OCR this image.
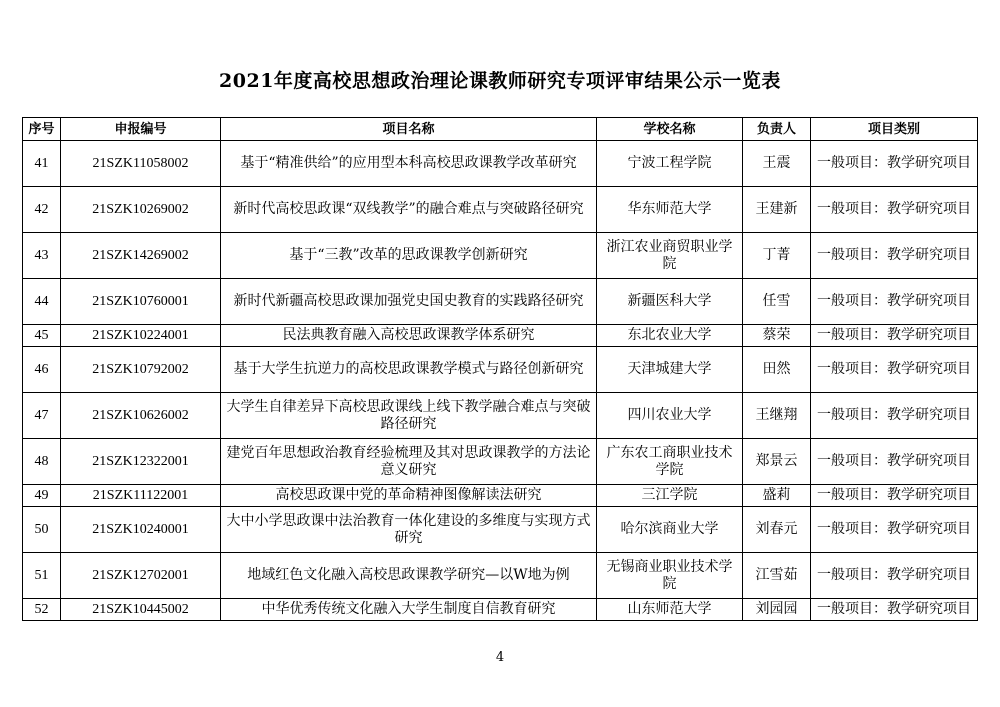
2021年度高校思想政治理论课教师研究专项评审结果公示一览表
序号	申报编号	项目名称	学校名称	负责人	项目类别
41	21SZK11058002	基于“精准供给”的应用型本科高校思政课教学改革研究	宁波工程学院	王震	一般项目：教学研究项目
42	21SZK10269002	新时代高校思政课“双线教学”的融合难点与突破路径研究	华东师范大学	王建新	一般项目：教学研究项目
43	21SZK14269002	基于“三教”改革的思政课教学创新研究	浙江农业商贸职业学院	丁菁	一般项目：教学研究项目
44	21SZK10760001	新时代新疆高校思政课加强党史国史教育的实践路径研究	新疆医科大学	任雪	一般项目：教学研究项目
45	21SZK10224001	民法典教育融入高校思政课教学体系研究	东北农业大学	蔡荣	一般项目：教学研究项目
46	21SZK10792002	基于大学生抗逆力的高校思政课教学模式与路径创新研究	天津城建大学	田然	一般项目：教学研究项目
47	21SZK10626002	大学生自律差异下高校思政课线上线下教学融合难点与突破路径研究	四川农业大学	王继翔	一般项目：教学研究项目
48	21SZK12322001	建党百年思想政治教育经验梳理及其对思政课教学的方法论意义研究	广东农工商职业技术学院	郑景云	一般项目：教学研究项目
49	21SZK11122001	高校思政课中党的革命精神图像解读法研究	三江学院	盛莉	一般项目：教学研究项目
50	21SZK10240001	大中小学思政课中法治教育一体化建设的多维度与实现方式研究	哈尔滨商业大学	刘春元	一般项目：教学研究项目
51	21SZK12702001	地域红色文化融入高校思政课教学研究—以W地为例	无锡商业职业技术学院	江雪茹	一般项目：教学研究项目
52	21SZK10445002	中华优秀传统文化融入大学生制度自信教育研究	山东师范大学	刘园园	一般项目：教学研究项目
4
